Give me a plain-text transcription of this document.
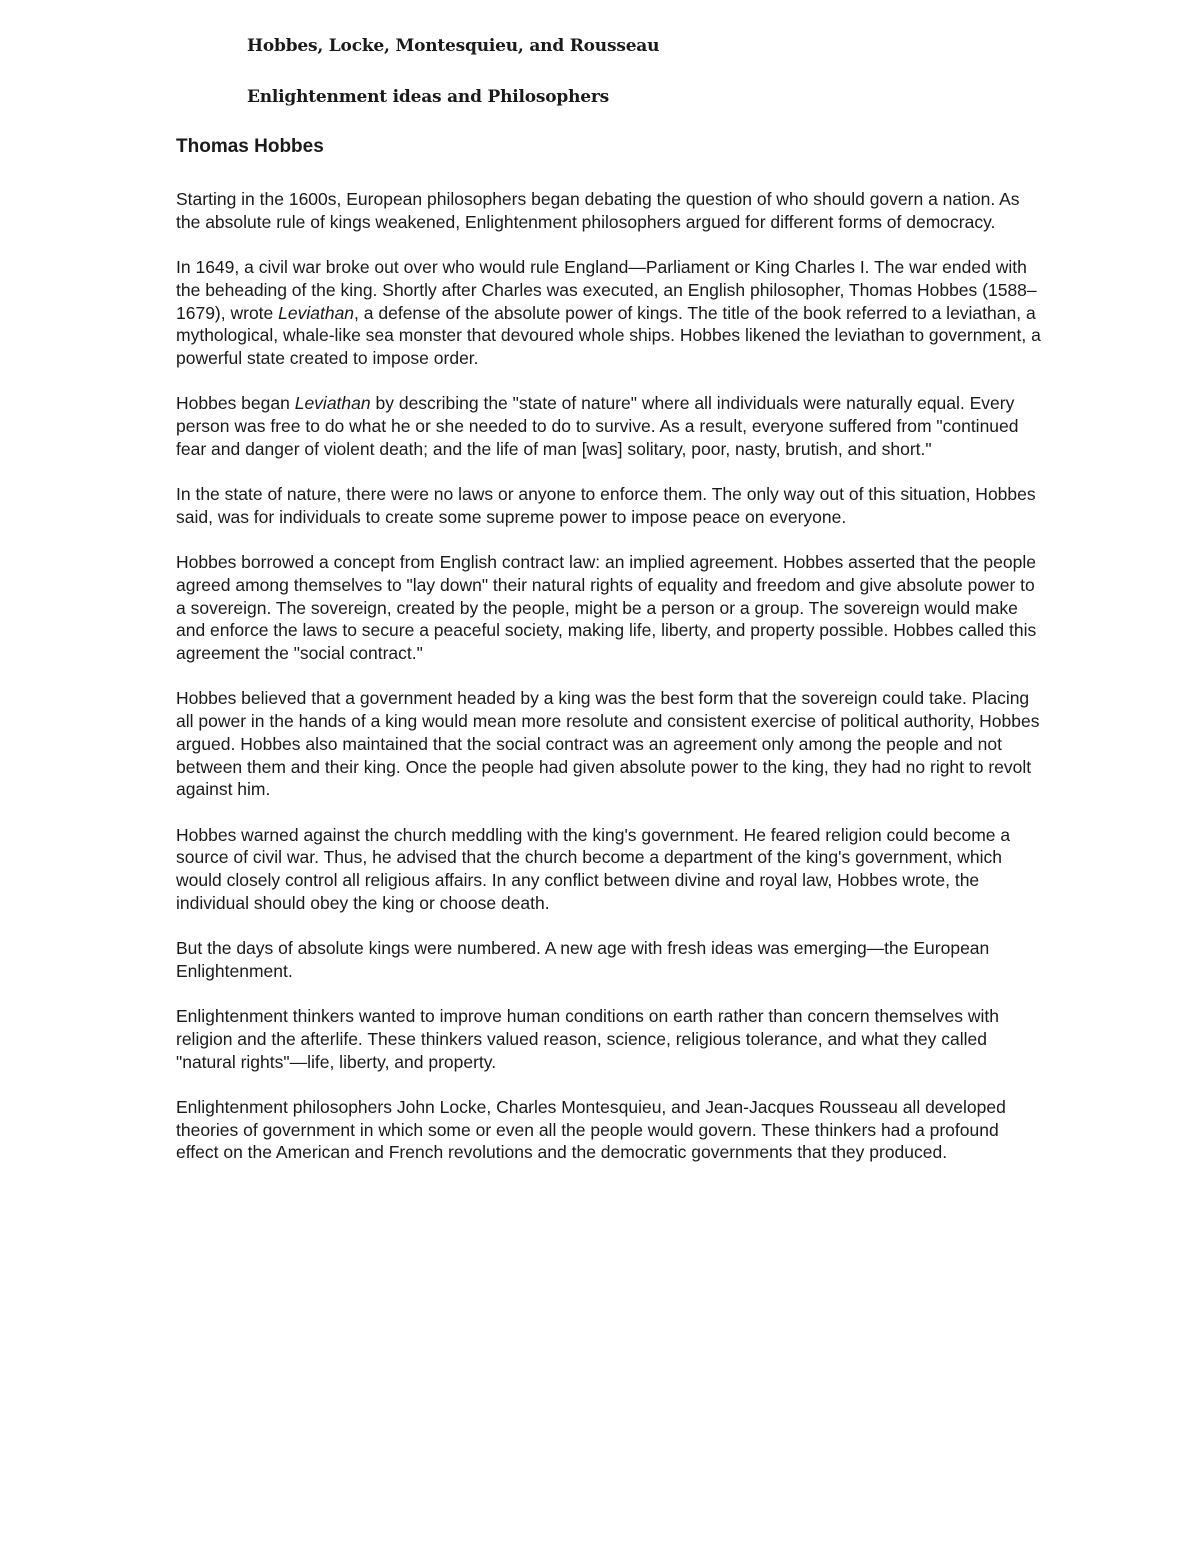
Hobbes, Locke, Montesquieu, and Rousseau
Enlightenment ideas and Philosophers
Thomas Hobbes

Starting in the 1600s, European philosophers began debating the question of who should govern a nation. As the absolute rule of kings weakened, Enlightenment philosophers argued for different forms of democracy.

In 1649, a civil war broke out over who would rule England—Parliament or King Charles I. The war ended with the beheading of the king. Shortly after Charles was executed, an English philosopher, Thomas Hobbes (1588–1679), wrote Leviathan, a defense of the absolute power of kings. The title of the book referred to a leviathan, a mythological, whale-like sea monster that devoured whole ships. Hobbes likened the leviathan to government, a powerful state created to impose order.

Hobbes began Leviathan by describing the "state of nature" where all individuals were naturally equal. Every person was free to do what he or she needed to do to survive. As a result, everyone suffered from "continued fear and danger of violent death; and the life of man [was] solitary, poor, nasty, brutish, and short."

In the state of nature, there were no laws or anyone to enforce them. The only way out of this situation, Hobbes said, was for individuals to create some supreme power to impose peace on everyone.

Hobbes borrowed a concept from English contract law: an implied agreement. Hobbes asserted that the people agreed among themselves to "lay down" their natural rights of equality and freedom and give absolute power to a sovereign. The sovereign, created by the people, might be a person or a group. The sovereign would make and enforce the laws to secure a peaceful society, making life, liberty, and property possible. Hobbes called this agreement the "social contract."

Hobbes believed that a government headed by a king was the best form that the sovereign could take. Placing all power in the hands of a king would mean more resolute and consistent exercise of political authority, Hobbes argued. Hobbes also maintained that the social contract was an agreement only among the people and not between them and their king. Once the people had given absolute power to the king, they had no right to revolt against him.

Hobbes warned against the church meddling with the king's government. He feared religion could become a source of civil war. Thus, he advised that the church become a department of the king's government, which would closely control all religious affairs. In any conflict between divine and royal law, Hobbes wrote, the individual should obey the king or choose death.

But the days of absolute kings were numbered. A new age with fresh ideas was emerging—the European Enlightenment.

Enlightenment thinkers wanted to improve human conditions on earth rather than concern themselves with religion and the afterlife. These thinkers valued reason, science, religious tolerance, and what they called "natural rights"—life, liberty, and property.

Enlightenment philosophers John Locke, Charles Montesquieu, and Jean-Jacques Rousseau all developed theories of government in which some or even all the people would govern. These thinkers had a profound effect on the American and French revolutions and the democratic governments that they produced.
